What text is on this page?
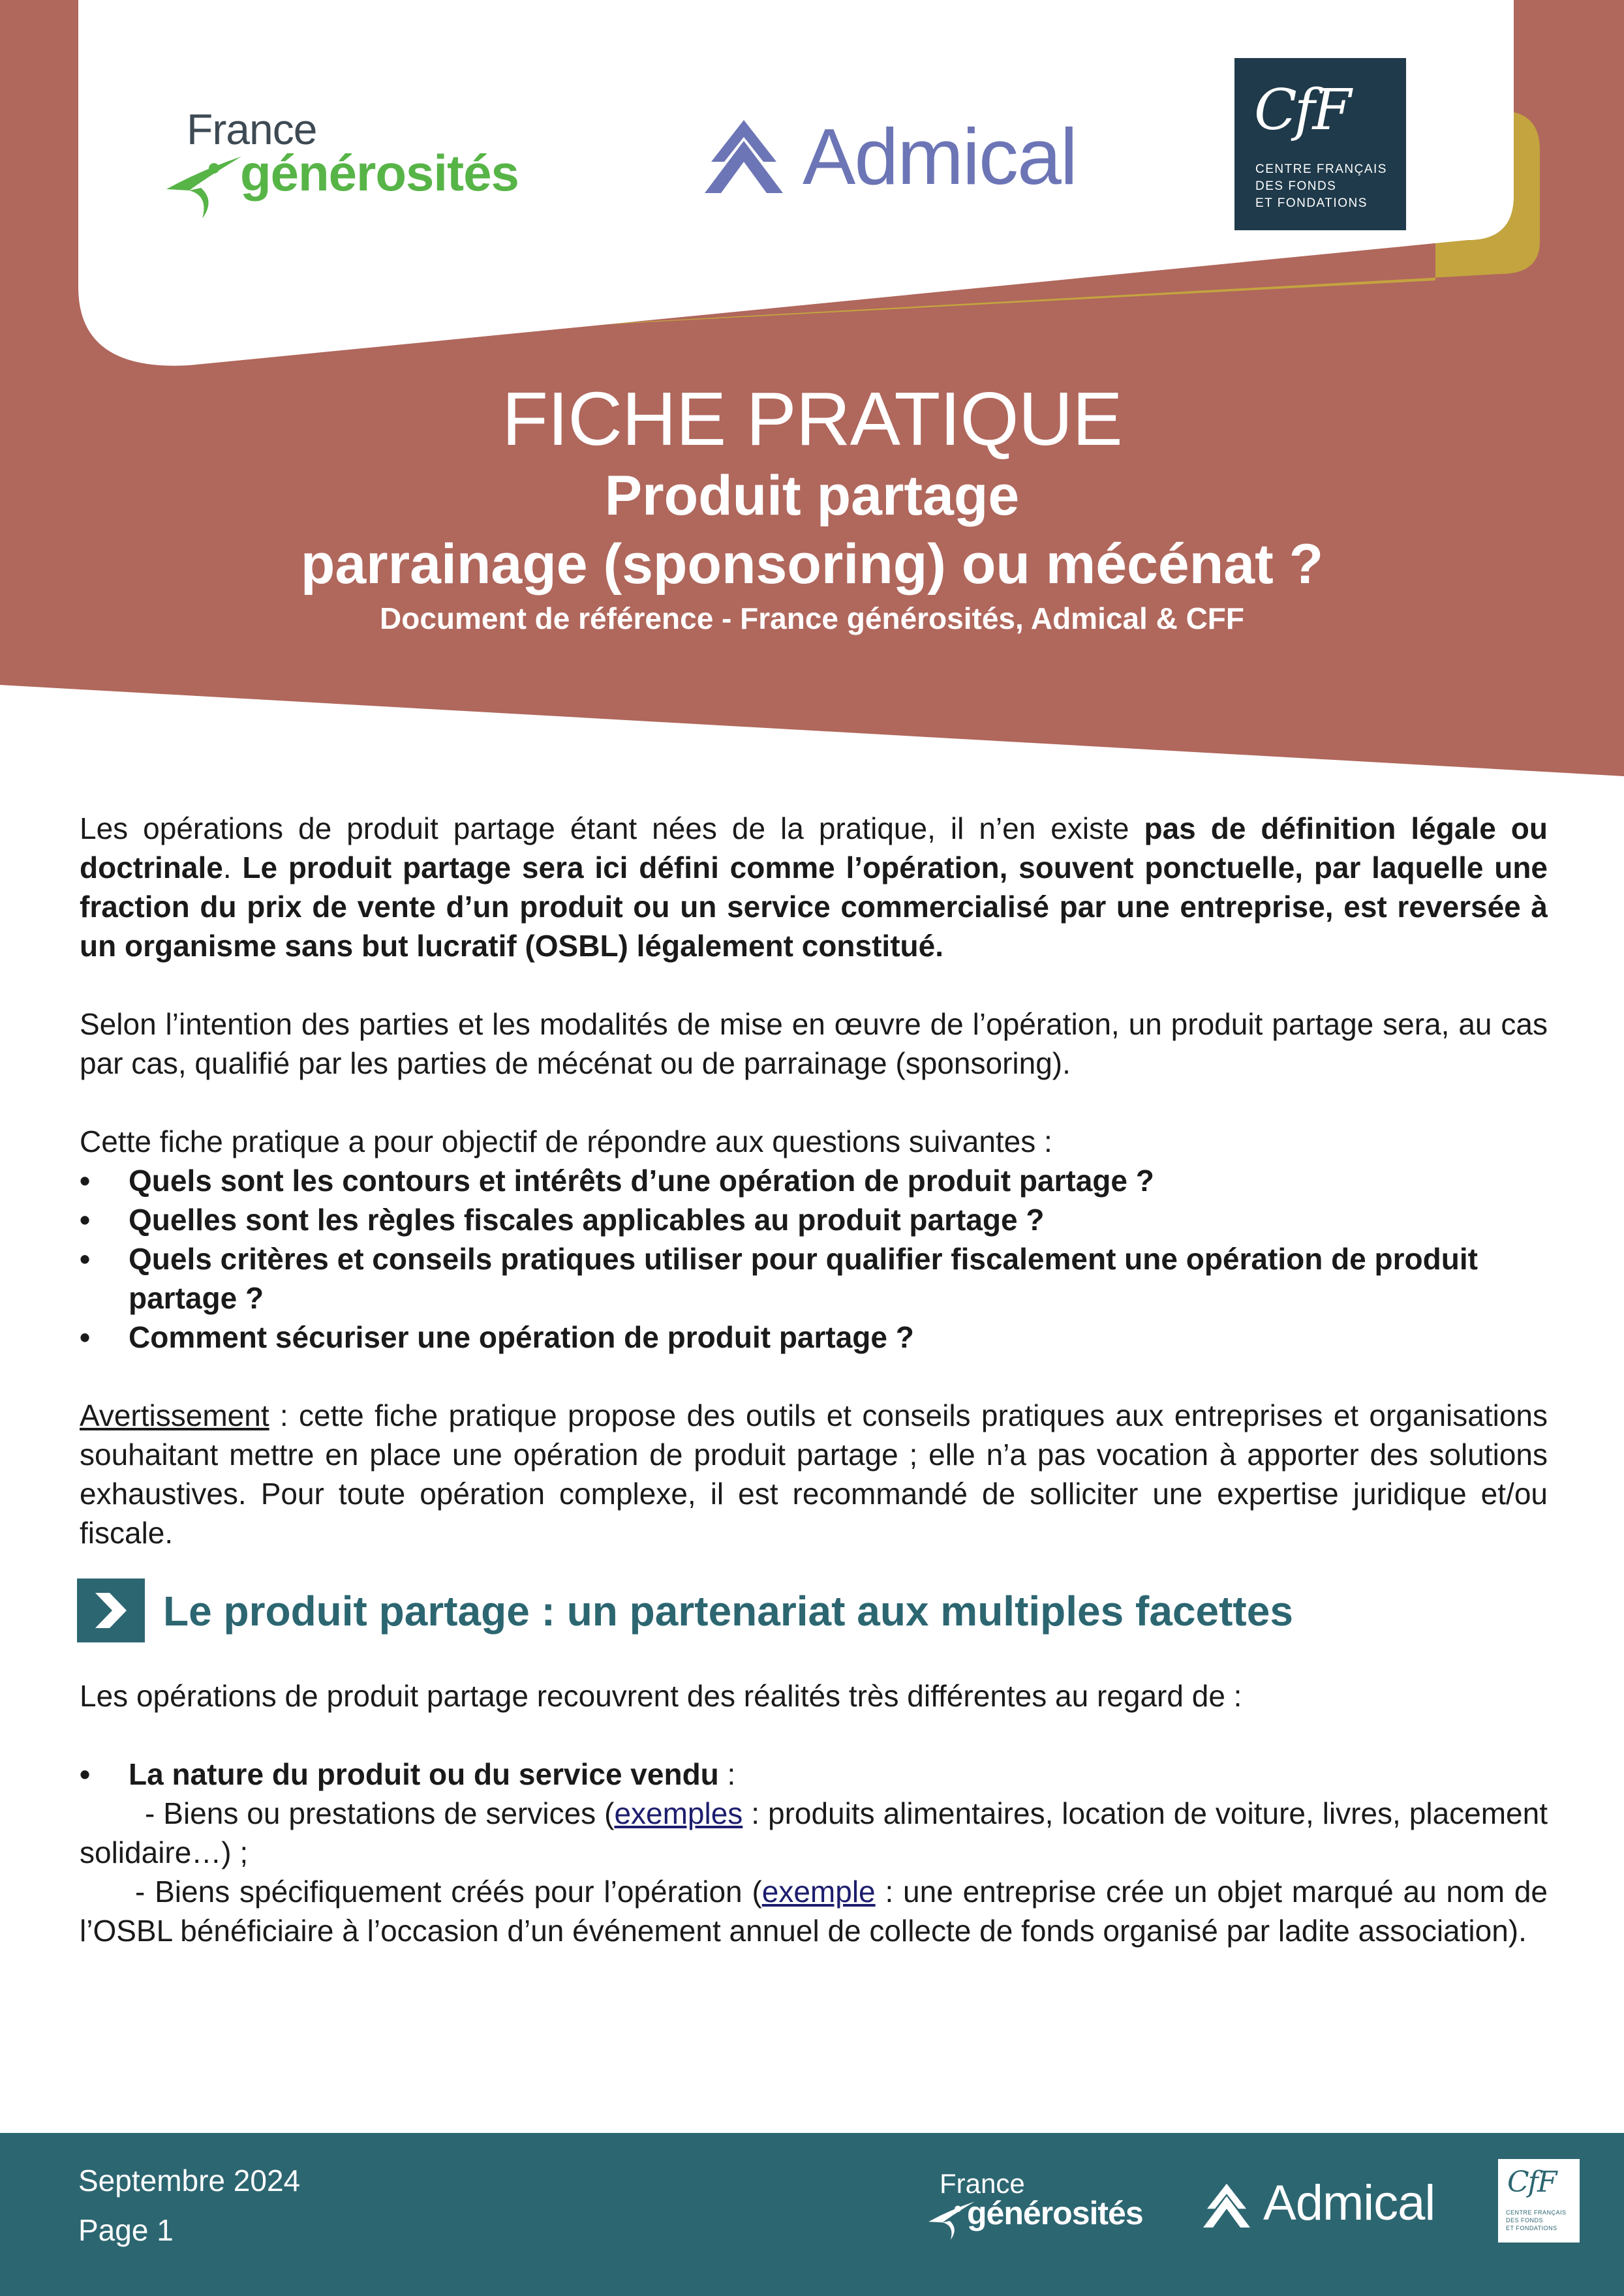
France
générosités	Admical
CfF
CENTRE FRANÇAIS
DES FONDS
ET FONDATIONS
FICHE PRATIQUE
Produit partage
parrainage (sponsoring) ou mécénat ?
Document de référence - France générosités, Admical & CFF

Les opérations de produit partage étant nées de la pratique, il n’en existe pas de définition légale ou doctrinale. Le produit partage sera ici défini comme l’opération, souvent ponctuelle, par laquelle une fraction du prix de vente d’un produit ou un service commercialisé par une entreprise, est reversée à un organisme sans but lucratif (OSBL) légalement constitué.

Selon l’intention des parties et les modalités de mise en œuvre de l’opération, un produit partage sera, au cas par cas, qualifié par les parties de mécénat ou de parrainage (sponsoring).

Cette fiche pratique a pour objectif de répondre aux questions suivantes :

• Quels sont les contours et intérêts d’une opération de produit partage ?
• Quelles sont les règles fiscales applicables au produit partage ?
• Quels critères et conseils pratiques utiliser pour qualifier fiscalement une opération de produit partage ?
• Comment sécuriser une opération de produit partage ?

Avertissement : cette fiche pratique propose des outils et conseils pratiques aux entreprises et organisations souhaitant mettre en place une opération de produit partage ; elle n’a pas vocation à apporter des solutions exhaustives. Pour toute opération complexe, il est recommandé de solliciter une expertise juridique et/ou fiscale.

Le produit partage : un partenariat aux multiples facettes

Les opérations de produit partage recouvrent des réalités très différentes au regard de :

• La nature du produit ou du service vendu :

- Biens ou prestations de services (exemples : produits alimentaires, location de voiture, livres, placement solidaire…) ;

- Biens spécifiquement créés pour l’opération (exemple : une entreprise crée un objet marqué au nom de l’OSBL bénéficiaire à l’occasion d’un événement annuel de collecte de fonds organisé par ladite association).

Septembre 2024
Page 1
France
générosités Admical	CfF
CENTRE FRANÇAIS
DES FONDS
ET FONDATIONS
